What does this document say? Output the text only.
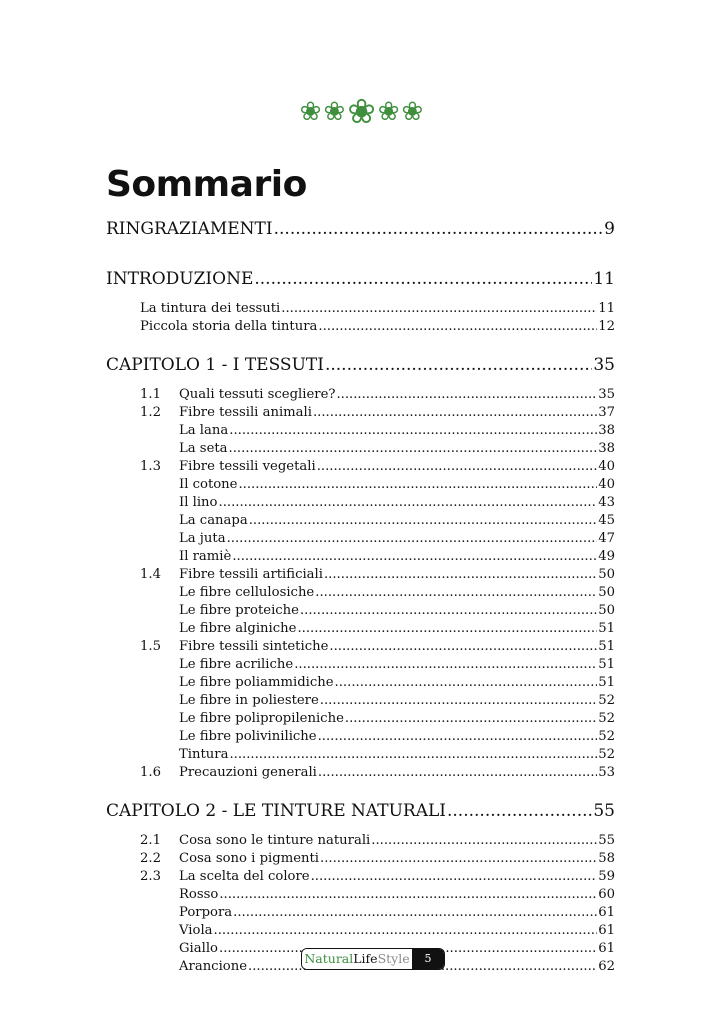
❀❀❀❀❀
Sommario
RINGRAZIAMENTI .....	9
INTRODUZIONE .....	11
La tintura dei tessuti .....	11
Piccola storia della tintura .....	12
CAPITOLO 1 - I TESSUTI .....	35
1.1	Quali tessuti scegliere? .....	35
1.2	Fibre tessili animali .....	37
La lana .....	38
La seta .....	38
1.3	Fibre tessili vegetali .....	40
Il cotone .....	40
Il lino .....	43
La canapa .....	45
La juta .....	47
Il ramiè .....	49
1.4	Fibre tessili artificiali .....	50
Le fibre cellulosiche .....	50
Le fibre proteiche .....	50
Le fibre alginiche .....	51
1.5	Fibre tessili sintetiche .....	51
Le fibre acriliche .....	51
Le fibre poliammidiche .....	51
Le fibre in poliestere .....	52
Le fibre polipropileniche .....	52
Le fibre poliviniliche .....	52
Tintura .....	52
1.6	Precauzioni generali .....	53
CAPITOLO 2 - LE TINTURE NATURALI .....	55
2.1	Cosa sono le tinture naturali .....	55
2.2	Cosa sono i pigmenti .....	58
2.3	La scelta del colore .....	59
Rosso .....	60
Porpora .....	61
Viola .....	61
Giallo .....	61
Arancione .....	62
NaturalLifeStyle	5
